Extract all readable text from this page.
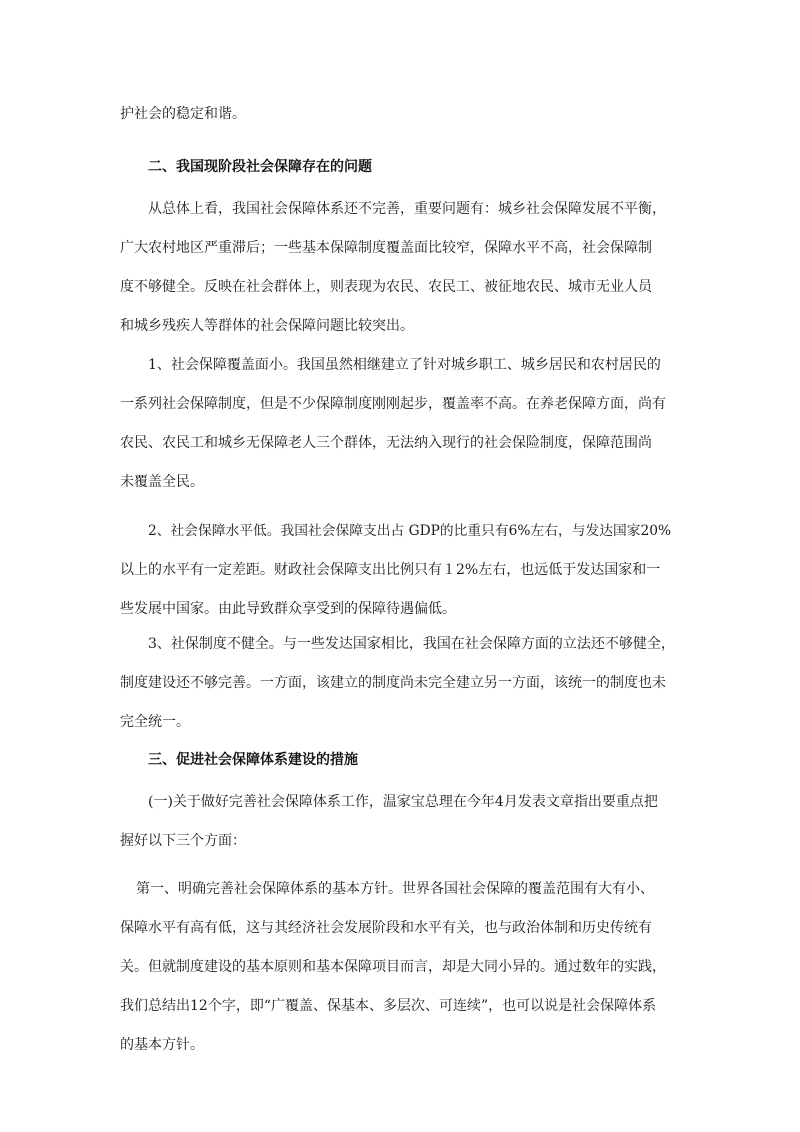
护社会的稳定和谐。
二、我国现阶段社会保障存在的问题
从总体上看，我国社会保障体系还不完善，重要问题有：城乡社会保障发展不平衡，
广大农村地区严重滞后；一些基本保障制度覆盖面比较窄，保障水平不高，社会保障制
度不够健全。反映在社会群体上，则表现为农民、农民工、被征地农民、城市无业人员
和城乡残疾人等群体的社会保障问题比较突出。
1、社会保障覆盖面小。我国虽然相继建立了针对城乡职工、城乡居民和农村居民的
一系列社会保障制度，但是不少保障制度刚刚起步，覆盖率不高。在养老保障方面，尚有
农民、农民工和城乡无保障老人三个群体，无法纳入现行的社会保险制度，保障范围尚
未覆盖全民。
2、社会保障水平低。我国社会保障支出占 GDP的比重只有6%左右，与发达国家20%
以上的水平有一定差距。财政社会保障支出比例只有１2%左右，也远低于发达国家和一
些发展中国家。由此导致群众享受到的保障待遇偏低。
3、社保制度不健全。与一些发达国家相比，我国在社会保障方面的立法还不够健全，
制度建设还不够完善。一方面，该建立的制度尚未完全建立另一方面，该统一的制度也未
完全统一。
三、促进社会保障体系建设的措施
(一)关于做好完善社会保障体系工作，温家宝总理在今年4月发表文章指出要重点把
握好以下三个方面：
第一、明确完善社会保障体系的基本方针。世界各国社会保障的覆盖范围有大有小、
保障水平有高有低，这与其经济社会发展阶段和水平有关，也与政治体制和历史传统有
关。但就制度建设的基本原则和基本保障项目而言，却是大同小异的。通过数年的实践，
我们总结出12个字，即“广覆盖、保基本、多层次、可连续”，也可以说是社会保障体系
的基本方针。
